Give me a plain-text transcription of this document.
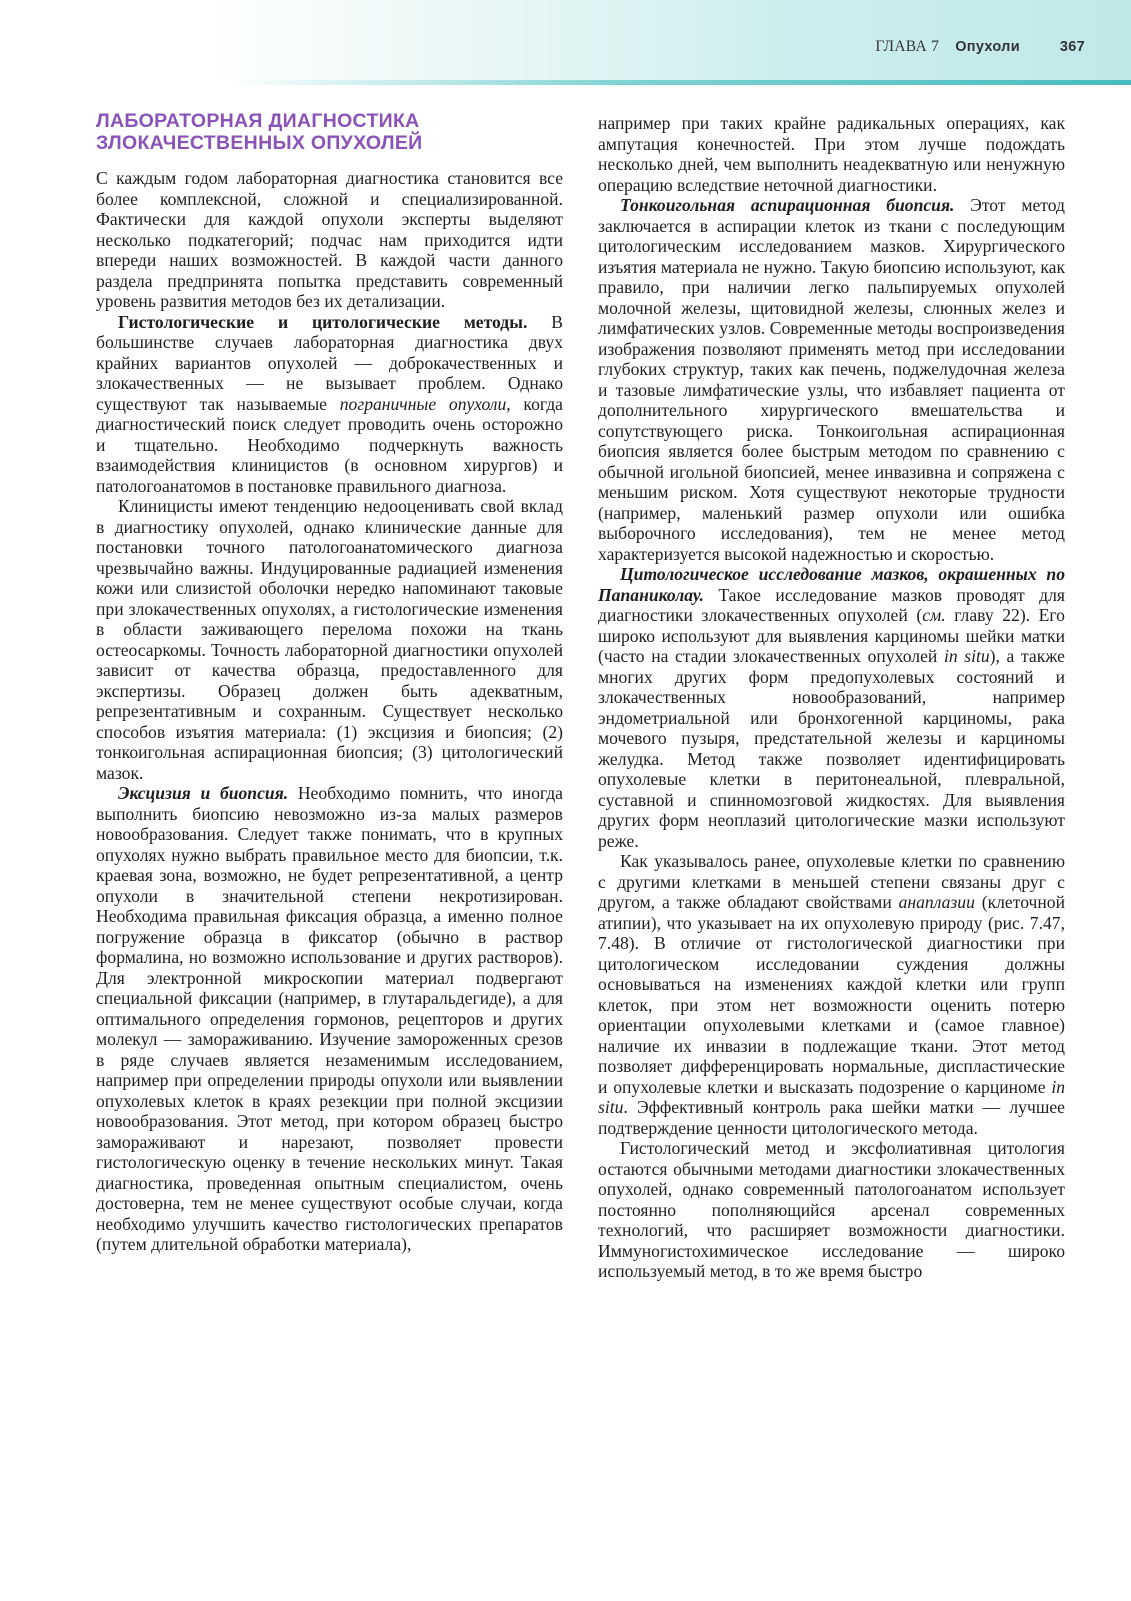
ГЛАВА 7 Опухоли	367
ЛАБОРАТОРНАЯ ДИАГНОСТИКА
ЗЛОКАЧЕСТВЕННЫХ ОПУХОЛЕЙ

С каждым годом лабораторная диагностика становится все более комплексной, сложной и специализированной. Фактически для каждой опухоли эксперты выделяют несколько подкатегорий; подчас нам приходится идти впереди наших возможностей. В каждой части данного раздела предпринята попытка представить современный уровень развития методов без их детализации.

Гистологические и цитологические методы. В большинстве случаев лабораторная диагностика двух крайних вариантов опухолей — доброкачественных и злокачественных — не вызывает проблем. Однако существуют так называемые пограничные опухоли, когда диагностический поиск следует проводить очень осторожно и тщательно. Необходимо подчеркнуть важность взаимодействия клиницистов (в основном хирургов) и патологоанатомов в постановке правильного диагноза.

Клиницисты имеют тенденцию недооценивать свой вклад в диагностику опухолей, однако клинические данные для постановки точного патологоанатомического диагноза чрезвычайно важны. Индуцированные радиацией изменения кожи или слизистой оболочки нередко напоминают таковые при злокачественных опухолях, а гистологические изменения в области заживающего перелома похожи на ткань остеосаркомы. Точность лабораторной диагностики опухолей зависит от качества образца, предоставленного для экспертизы. Образец должен быть адекватным, репрезентативным и сохранным. Существует несколько способов изъятия материала: (1) эксцизия и биопсия; (2) тонкоигольная аспирационная биопсия; (3) цитологический мазок.

Эксцизия и биопсия. Необходимо помнить, что иногда выполнить биопсию невозможно из-за малых размеров новообразования. Следует также понимать, что в крупных опухолях нужно выбрать правильное место для биопсии, т.к. краевая зона, возможно, не будет репрезентативной, а центр опухоли в значительной степени некротизирован. Необходима правильная фиксация образца, а именно полное погружение образца в фиксатор (обычно в раствор формалина, но возможно использование и других растворов). Для электронной микроскопии материал подвергают специальной фиксации (например, в глутаральдегиде), а для оптимального определения гормонов, рецепторов и других молекул — замораживанию. Изучение замороженных срезов в ряде случаев является незаменимым исследованием, например при определении природы опухоли или выявлении опухолевых клеток в краях резекции при полной эксцизии новообразования. Этот метод, при котором образец быстро замораживают и нарезают, позволяет провести гистологическую оценку в течение нескольких минут. Такая диагностика, проведенная опытным специалистом, очень достоверна, тем не менее существуют особые случаи, когда необходимо улучшить качество гистологических препаратов (путем длительной обработки материала),

например при таких крайне радикальных операциях, как ампутация конечностей. При этом лучше подождать несколько дней, чем выполнить неадекватную или ненужную операцию вследствие неточной диагностики.

Тонкоигольная аспирационная биопсия. Этот метод заключается в аспирации клеток из ткани с последующим цитологическим исследованием мазков. Хирургического изъятия материала не нужно. Такую биопсию используют, как правило, при наличии легко пальпируемых опухолей молочной железы, щитовидной железы, слюнных желез и лимфатических узлов. Современные методы воспроизведения изображения позволяют применять метод при исследовании глубоких структур, таких как печень, поджелудочная железа и тазовые лимфатические узлы, что избавляет пациента от дополнительного хирургического вмешательства и сопутствующего риска. Тонкоигольная аспирационная биопсия является более быстрым методом по сравнению с обычной игольной биопсией, менее инвазивна и сопряжена с меньшим риском. Хотя существуют некоторые трудности (например, маленький размер опухоли или ошибка выборочного исследования), тем не менее метод характеризуется высокой надежностью и скоростью.

Цитологическое исследование мазков, окрашенных по Папаниколау. Такое исследование мазков проводят для диагностики злокачественных опухолей (см. главу 22). Его широко используют для выявления карциномы шейки матки (часто на стадии злокачественных опухолей in situ), а также многих других форм предопухолевых состояний и злокачественных новообразований, например эндометриальной или бронхогенной карциномы, рака мочевого пузыря, предстательной железы и карциномы желудка. Метод также позволяет идентифицировать опухолевые клетки в перитонеальной, плевральной, суставной и спинномозговой жидкостях. Для выявления других форм неоплазий цитологические мазки используют реже.

Как указывалось ранее, опухолевые клетки по сравнению с другими клетками в меньшей степени связаны друг с другом, а также обладают свойствами анаплазии (клеточной атипии), что указывает на их опухолевую природу (рис. 7.47, 7.48). В отличие от гистологической диагностики при цитологическом исследовании суждения должны основываться на изменениях каждой клетки или групп клеток, при этом нет возможности оценить потерю ориентации опухолевыми клетками и (самое главное) наличие их инвазии в подлежащие ткани. Этот метод позволяет дифференцировать нормальные, диспластические и опухолевые клетки и высказать подозрение о карциноме in situ. Эффективный контроль рака шейки матки — лучшее подтверждение ценности цитологического метода.

Гистологический метод и эксфолиативная цитология остаются обычными методами диагностики злокачественных опухолей, однако современный патологоанатом использует постоянно пополняющийся арсенал современных технологий, что расширяет возможности диагностики. Иммуногистохимическое исследование — широко используемый метод, в то же время быстро
